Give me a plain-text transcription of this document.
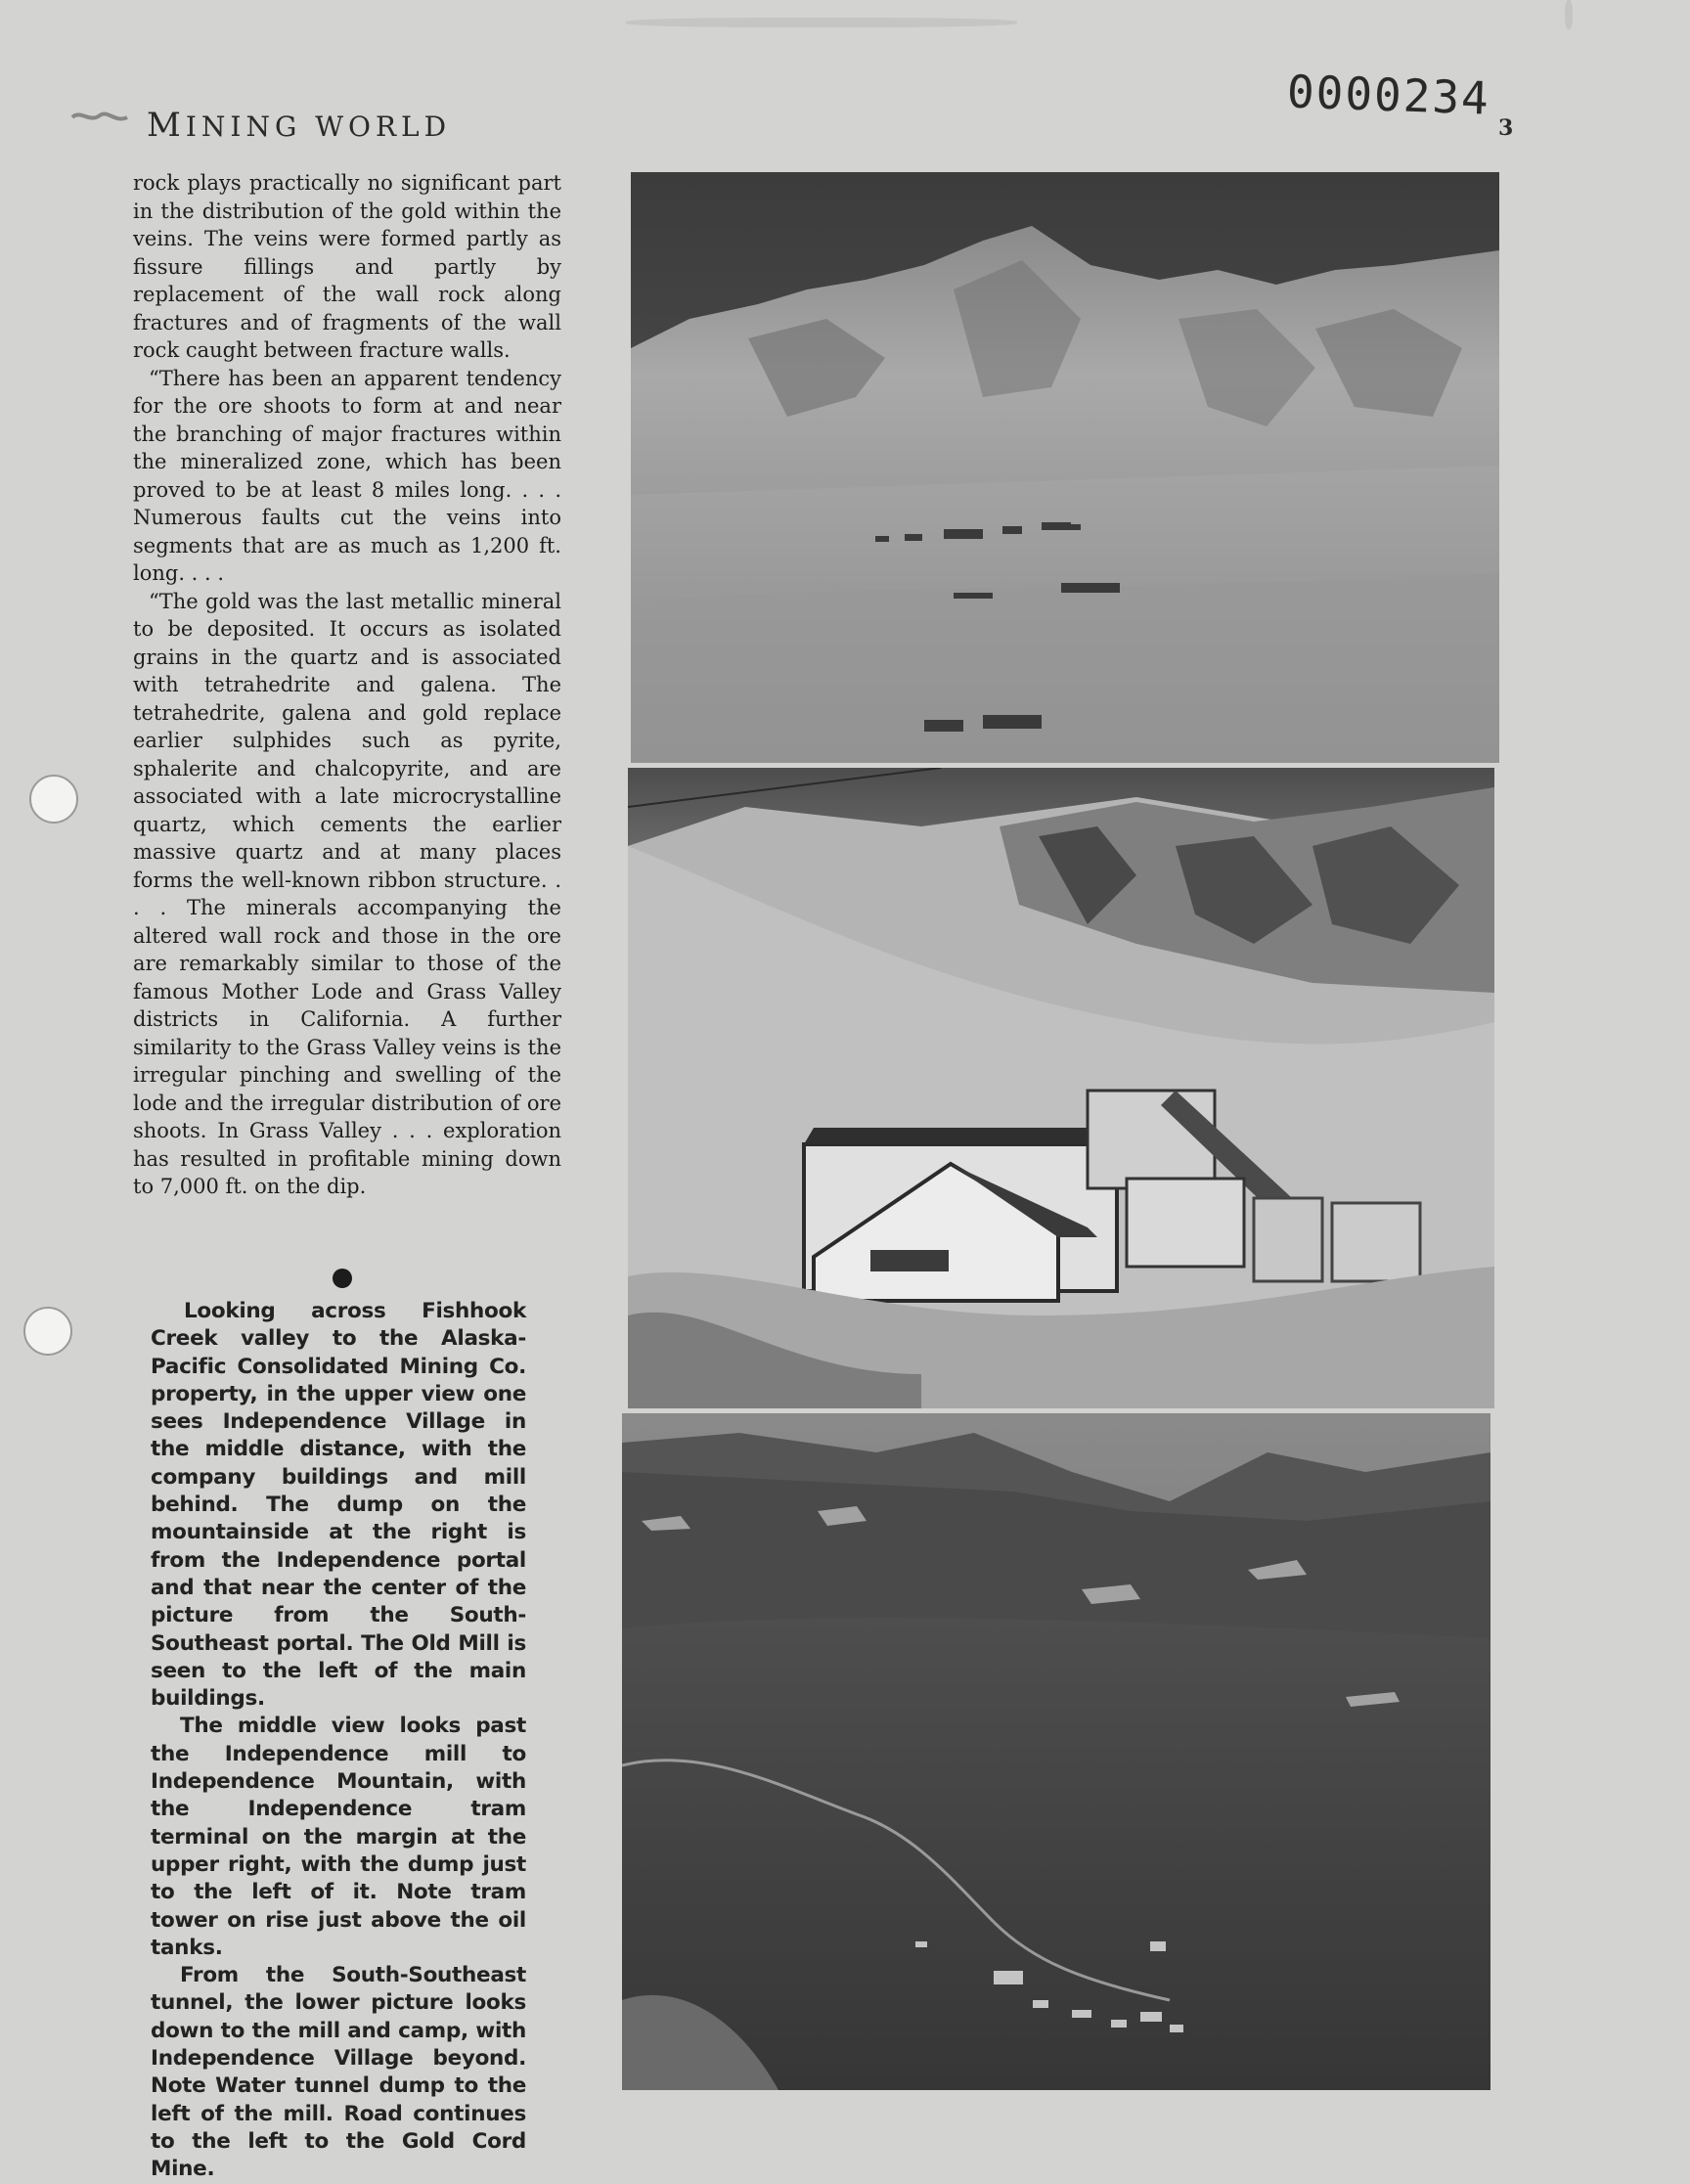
MINING WORLD
0000234
3

rock plays practically no significant part in the distribution of the gold within the veins. The veins were formed partly as fissure fillings and partly by replacement of the wall rock along fractures and of fragments of the wall rock caught between fracture walls.

“There has been an apparent tendency for the ore shoots to form at and near the branching of major fractures within the mineralized zone, which has been proved to be at least 8 miles long. . . . Numerous faults cut the veins into segments that are as much as 1,200 ft. long. . . .

“The gold was the last metallic mineral to be deposited. It occurs as isolated grains in the quartz and is associated with tetrahedrite and galena. The tetrahedrite, galena and gold replace earlier sulphides such as pyrite, sphalerite and chalcopyrite, and are associated with a late microcrystalline quartz, which cements the earlier massive quartz and at many places forms the well-known ribbon structure. . . . The minerals accompanying the altered wall rock and those in the ore are remarkably similar to those of the famous Mother Lode and Grass Valley districts in California. A further similarity to the Grass Valley veins is the irregular pinching and swelling of the lode and the irregular distribution of ore shoots. In Grass Valley . . . exploration has resulted in profitable mining down to 7,000 ft. on the dip.

Looking across Fishhook Creek valley to the Alaska-Pacific Consolidated Mining Co. property, in the upper view one sees Independence Village in the middle distance, with the company buildings and mill behind. The dump on the mountainside at the right is from the Independence portal and that near the center of the picture from the South-Southeast portal. The Old Mill is seen to the left of the main buildings.

The middle view looks past the Independence mill to Independence Mountain, with the Independence tram terminal on the margin at the upper right, with the dump just to the left of it. Note tram tower on rise just above the oil tanks.

From the South-Southeast tunnel, the lower picture looks down to the mill and camp, with Independence Village beyond. Note Water tunnel dump to the left of the mill. Road continues to the left to the Gold Cord Mine.
